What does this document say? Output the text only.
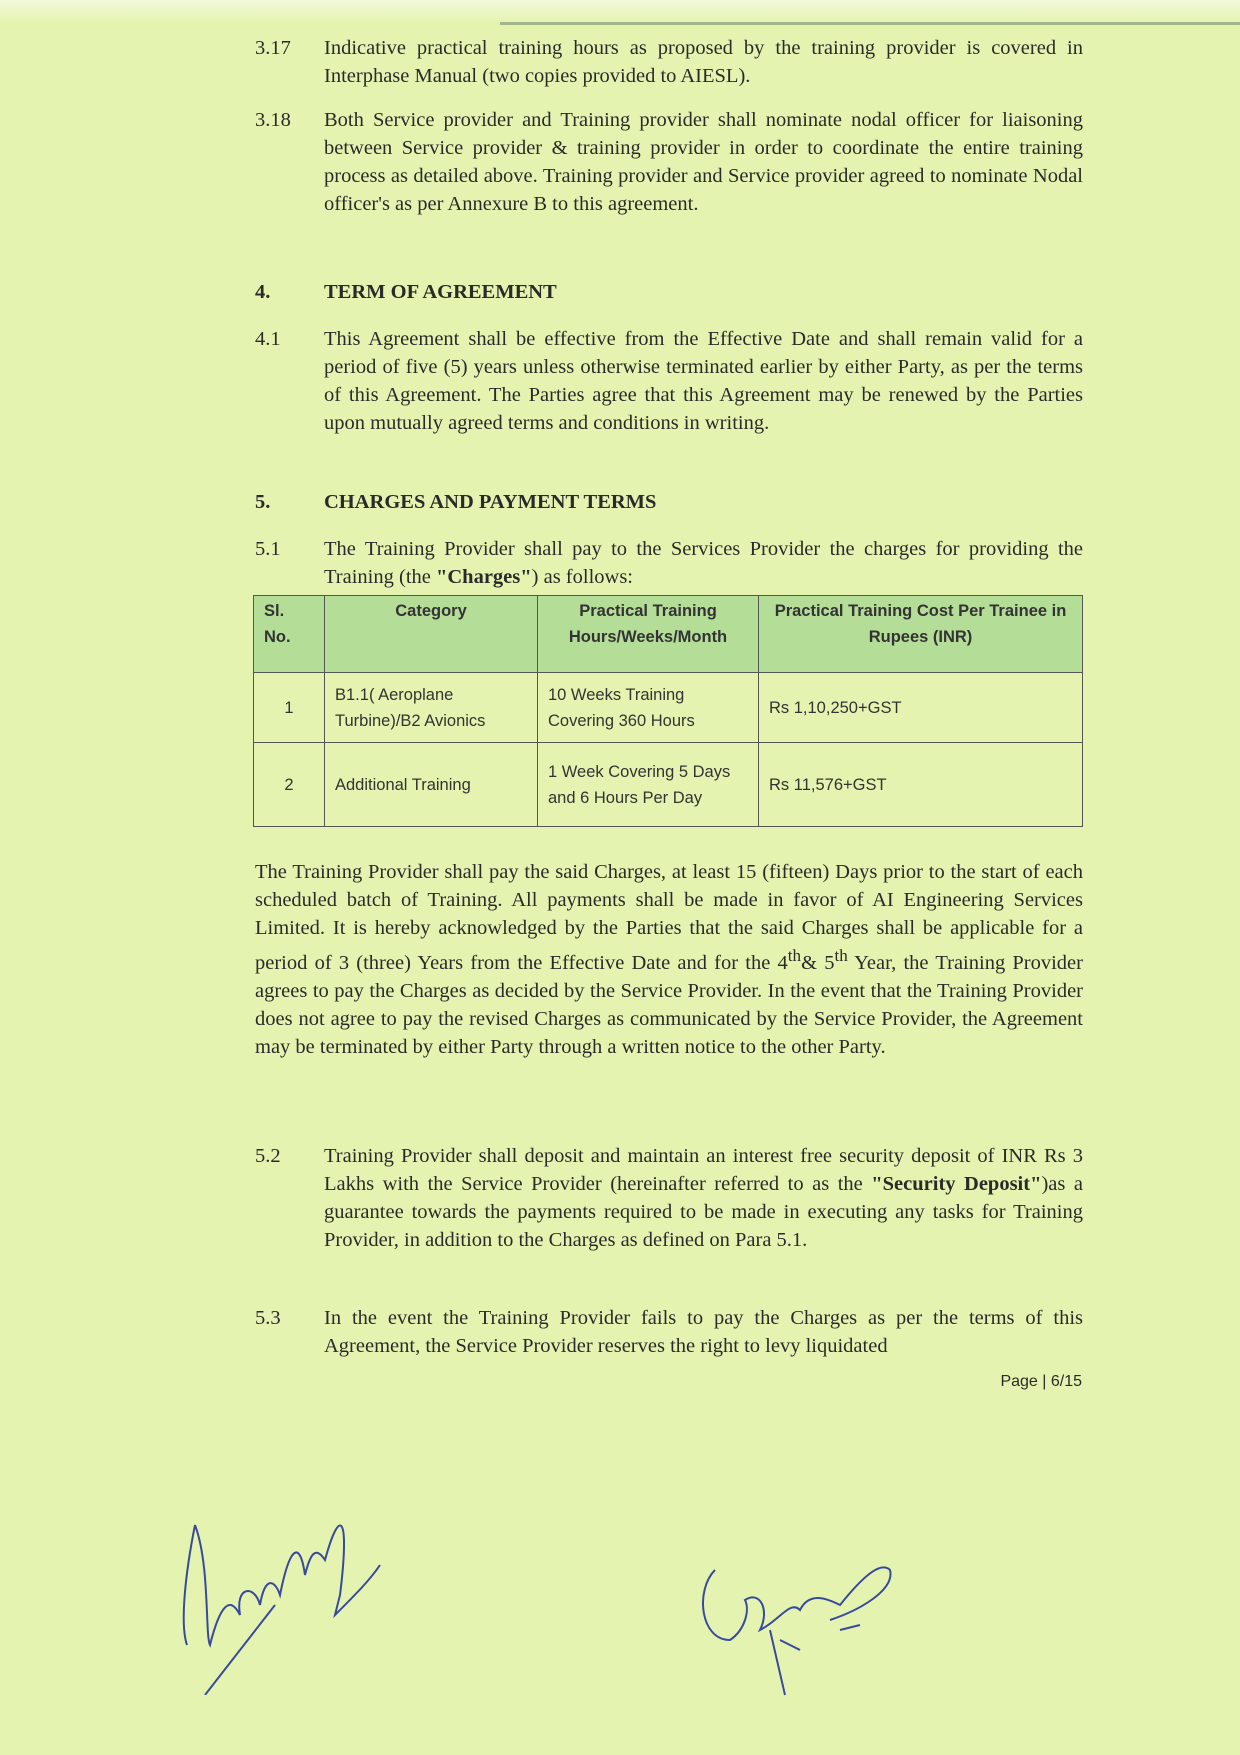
3.17	Indicative practical training hours as proposed by the training provider is covered in Interphase Manual (two copies provided to AIESL).
3.18	Both Service provider and Training provider shall nominate nodal officer for liaisoning between Service provider & training provider in order to coordinate the entire training process as detailed above. Training provider and Service provider agreed to nominate Nodal officer's as per Annexure B to this agreement.
4.	TERM OF AGREEMENT
4.1	This Agreement shall be effective from the Effective Date and shall remain valid for a period of five (5) years unless otherwise terminated earlier by either Party, as per the terms of this Agreement. The Parties agree that this Agreement may be renewed by the Parties upon mutually agreed terms and conditions in writing.
5.	CHARGES AND PAYMENT TERMS
5.1	The Training Provider shall pay to the Services Provider the charges for providing the Training (the "Charges") as follows:
Sl. No.	Category	Practical Training Hours/Weeks/Month	Practical Training Cost Per Trainee in Rupees (INR)
1	B1.1( Aeroplane Turbine)/B2 Avionics	10 Weeks Training Covering 360 Hours	Rs 1,10,250+GST
2	Additional Training	1 Week Covering 5 Days and 6 Hours Per Day	Rs 11,576+GST
The Training Provider shall pay the said Charges, at least 15 (fifteen) Days prior to the start of each scheduled batch of Training. All payments shall be made in favor of AI Engineering Services Limited. It is hereby acknowledged by the Parties that the said Charges shall be applicable for a period of 3 (three) Years from the Effective Date and for the 4th& 5th Year, the Training Provider agrees to pay the Charges as decided by the Service Provider. In the event that the Training Provider does not agree to pay the revised Charges as communicated by the Service Provider, the Agreement may be terminated by either Party through a written notice to the other Party.
5.2	Training Provider shall deposit and maintain an interest free security deposit of INR Rs 3 Lakhs with the Service Provider (hereinafter referred to as the "Security Deposit")as a guarantee towards the payments required to be made in executing any tasks for Training Provider, in addition to the Charges as defined on Para 5.1.
5.3	In the event the Training Provider fails to pay the Charges as per the terms of this Agreement, the Service Provider reserves the right to levy liquidated
Page | 6/15
